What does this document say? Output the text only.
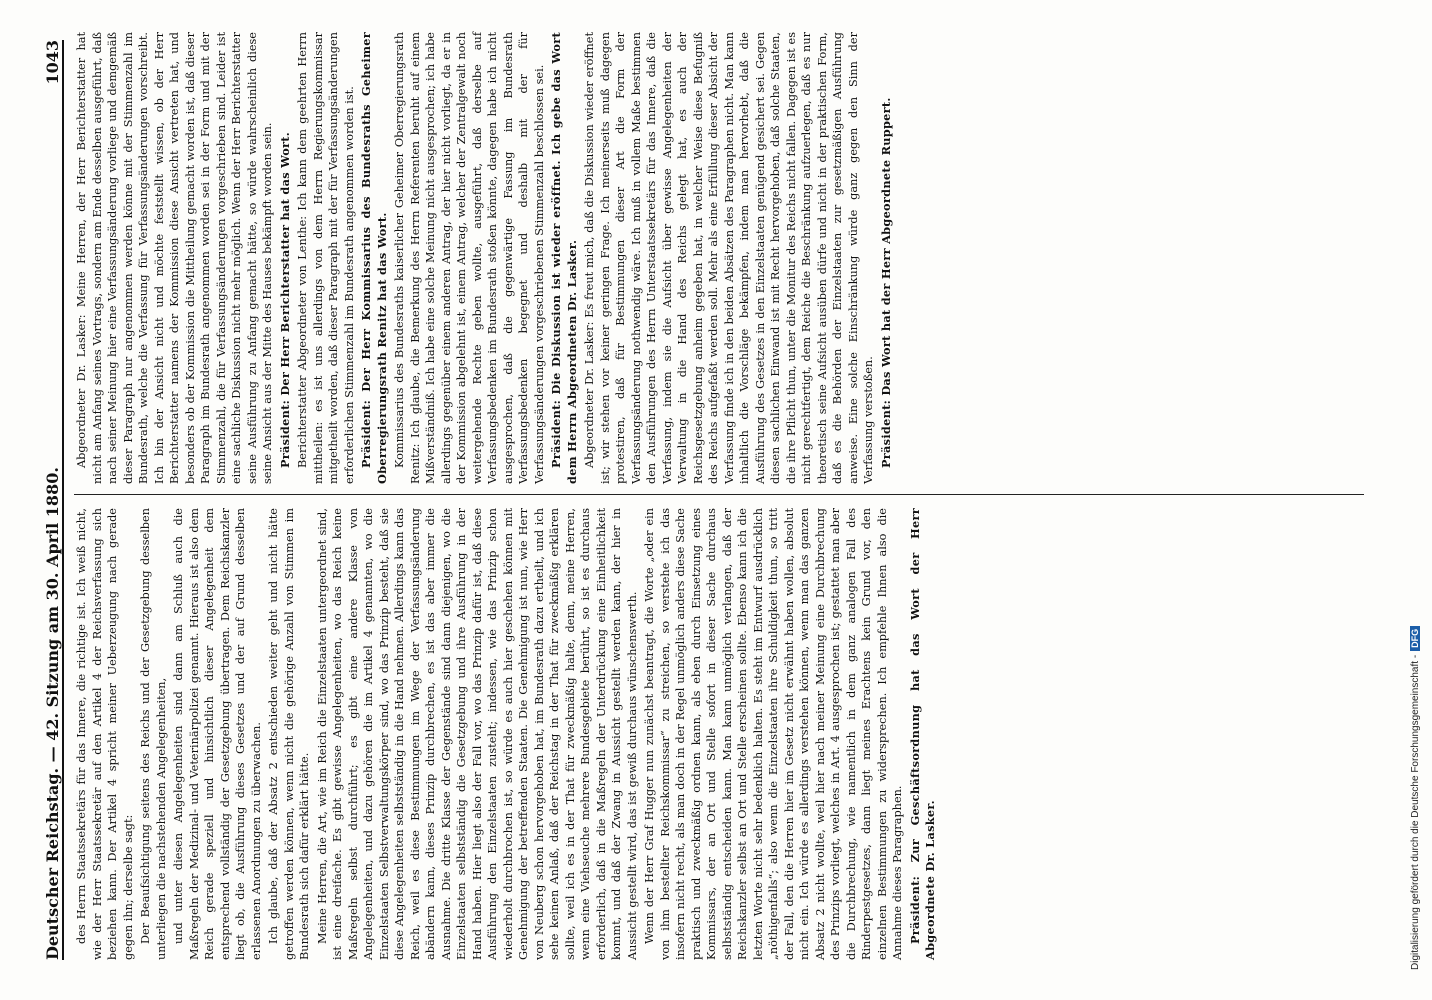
Deutscher Reichstag. — 42. Sitzung am 30. April 1880.
1043

des Herrn Staatssekretärs für das Innere, die richtige ist. Ich weiß nicht, wie der Herr Staatssekretär auf den Artikel 4 der Reichsverfassung sich beziehen kann. Der Artikel 4 spricht meiner Ueberzeugung nach gerade gegen ihn; derselbe sagt: Der Beaufsichtigung seitens des Reichs und der Gesetzgebung desselben unterliegen die nachstehenden Angelegenheiten, und unter diesen Angelegenheiten sind dann am Schluß auch die Maßregeln der Medizinal- und Veterinärpolizei genannt. Hieraus ist also dem Reich gerade speziell und hinsichtlich dieser Angelegenheit dem entsprechend vollständig der Gesetzgebung übertragen. Dem Reichskanzler liegt ob, die Ausführung dieses Gesetzes und der auf Grund desselben erlassenen Anordnungen zu überwachen. Ich glaube, daß der Absatz 2 entschieden weiter geht und nicht hätte getroffen werden können, wenn nicht die gehörige Anzahl von Stimmen im Bundesrath sich dafür erklärt hätte. Meine Herren, die Art, wie im Reich die Einzelstaaten untergeordnet sind, ist eine dreifache. Es gibt gewisse Angelegenheiten, wo das Reich keine Maßregeln selbst durchführt; es gibt eine andere Klasse von Angelegenheiten, und dazu gehören die im Artikel 4 genannten, wo die Einzelstaaten Selbstverwaltungskörper sind, wo das Prinzip besteht, daß sie diese Angelegenheiten selbstständig in die Hand nehmen. Allerdings kann das Reich, weil es diese Bestimmungen im Wege der Verfassungsänderung abändern kann, dieses Prinzip durchbrechen, es ist das aber immer die Ausnahme. Die dritte Klasse der Gegenstände sind dann diejenigen, wo die Einzelstaaten selbstständig die Gesetzgebung und ihre Ausführung in der Hand haben. Hier liegt also der Fall vor, wo das Prinzip dafür ist, daß diese Ausführung den Einzelstaaten zusteht; indessen, wie das Prinzip schon wiederholt durchbrochen ist, so würde es auch hier geschehen können mit Genehmigung der betreffenden Staaten. Die Genehmigung ist nun, wie Herr von Neuberg schon hervorgehoben hat, im Bundesrath dazu ertheilt, und ich sehe keinen Anlaß, daß der Reichstag in der That für zweckmäßig erklären sollte, weil ich es in der That für zweckmäßig halte, denn, meine Herren, wenn eine Viehseuche mehrere Bundesgebiete berührt, so ist es durchaus erforderlich, daß in die Maßregeln der Unterdrückung eine Einheitlichkeit kommt, und daß der Zwang in Aussicht gestellt werden kann, der hier in Aussicht gestellt wird, das ist gewiß durchaus wünschenswerth. Wenn der Herr Graf Hugger nun zunächst beantragt, die Worte „oder ein von ihm bestellter Reichskommissar“ zu streichen, so verstehe ich das insofern nicht recht, als man doch in der Regel unmöglich anders diese Sache praktisch und zweckmäßig ordnen kann, als eben durch Einsetzung eines Kommissars, der an Ort und Stelle sofort in dieser Sache durchaus selbstständig entscheiden kann. Man kann unmöglich verlangen, daß der Reichskanzler selbst an Ort und Stelle erscheinen sollte. Ebenso kann ich die letzten Worte nicht sehr bedenklich halten. Es steht im Entwurf ausdrücklich „nöthigenfalls“; also wenn die Einzelstaaten ihre Schuldigkeit thun, so tritt der Fall, den die Herren hier im Gesetz nicht erwähnt haben wollen, absolut nicht ein. Ich würde es allerdings verstehen können, wenn man das ganzen Absatz 2 nicht wollte, weil hier nach meiner Meinung eine Durchbrechung des Prinzips vorliegt, welches in Art. 4 ausgesprochen ist; gestattet man aber die Durchbrechung, wie namentlich in dem ganz analogen Fall des Rinderpestgesetzes, dann liegt meines Erachtens kein Grund vor, den einzelnen Bestimmungen zu widersprechen. Ich empfehle Ihnen also die Annahme dieses Paragraphen. Präsident: Zur Geschäftsordnung hat das Wort der Herr Abgeordnete Dr. Lasker.

Abgeordneter Dr. Lasker: Meine Herren, der Herr Berichterstatter hat nicht am Anfang seines Vortrags, sondern am Ende desselben ausgeführt, daß nach seiner Meinung hier eine Verfassungsänderung vorliege und demgemäß dieser Paragraph nur angenommen werden könne mit der Stimmenzahl im Bundesrath, welche die Verfassung für Verfassungsänderungen vorschreibt. Ich bin der Ansicht nicht und möchte feststellt wissen, ob der Herr Berichterstatter namens der Kommission diese Ansicht vertreten hat, und besonders ob der Kommission die Mittheilung gemacht worden ist, daß dieser Paragraph im Bundesrath angenommen worden sei in der Form und mit der Stimmenzahl, die für Verfassungsänderungen vorgeschrieben sind. Leider ist eine sachliche Diskussion nicht mehr möglich. Wenn der Herr Berichterstatter seine Ausführung zu Anfang gemacht hätte, so würde wahrscheinlich diese seine Ansicht aus der Mitte des Hauses bekämpft worden sein. Präsident: Der Herr Berichterstatter hat das Wort. Berichterstatter Abgeordneter von Lenthe: Ich kann dem geehrten Herrn mittheilen: es ist uns allerdings von dem Herrn Regierungskommissar mitgetheilt worden, daß dieser Paragraph mit der für Verfassungsänderungen erforderlichen Stimmenzahl im Bundesrath angenommen worden ist. Präsident: Der Herr Kommissarius des Bundesraths Geheimer Oberregierungsrath Renitz hat das Wort. Kommissarius des Bundesraths kaiserlicher Geheimer Oberregierungsrath Renitz: Ich glaube, die Bemerkung des Herrn Referenten beruht auf einem Mißverständniß. Ich habe eine solche Meinung nicht ausgesprochen; ich habe allerdings gegenüber einem anderen Antrag, der hier nicht vorliegt, da er in der Kommission abgelehnt ist, einem Antrag, welcher der Zentralgewalt noch weitergehende Rechte geben wollte, ausgeführt, daß derselbe auf Verfassungsbedenken im Bundesrath stoßen könnte, dagegen habe ich nicht ausgesprochen, daß die gegenwärtige Fassung im Bundesrath Verfassungsbedenken begegnet und deshalb mit der für Verfassungsänderungen vorgeschriebenen Stimmenzahl beschlossen sei. Präsident: Die Diskussion ist wieder eröffnet. Ich gebe das Wort dem Herrn Abgeordneten Dr. Lasker. Abgeordneter Dr. Lasker: Es freut mich, daß die Diskussion wieder eröffnet ist; wir stehen vor keiner geringen Frage. Ich meinerseits muß dagegen protestiren, daß für Bestimmungen dieser Art die Form der Verfassungsänderung nothwendig wäre. Ich muß in vollem Maße bestimmen den Ausführungen des Herrn Unterstaatssekretärs für das Innere, daß die Verfassung, indem sie die Aufsicht über gewisse Angelegenheiten der Verwaltung in die Hand des Reichs gelegt hat, es auch der Reichsgesetzgebung anheim gegeben hat, in welcher Weise diese Befugniß des Reichs aufgefaßt werden soll. Mehr als eine Erfüllung dieser Absicht der Verfassung finde ich in den beiden Absätzen des Paragraphen nicht. Man kann inhaltlich die Vorschläge bekämpfen, indem man hervorhebt, daß die Ausführung des Gesetzes in den Einzelstaaten genügend gesichert sei. Gegen diesen sachlichen Einwand ist mit Recht hervorgehoben, daß solche Staaten, die ihre Pflicht thun, unter die Monitur des Reichs nicht fallen. Dagegen ist es nicht gerechtfertigt, dem Reiche die Beschränkung aufzuerlegen, daß es nur theoretisch seine Aufsicht ausüben dürfe und nicht in der praktischen Form, daß es die Behörden der Einzelstaaten zur gesetzmäßigen Ausführung anweise. Eine solche Einschränkung würde ganz gegen den Sinn der Verfassung verstoßen. Präsident: Das Wort hat der Herr Abgeordnete Ruppert.

Digitalisierung gefördert durch die Deutsche Forschungsgemeinschaft -DFG
